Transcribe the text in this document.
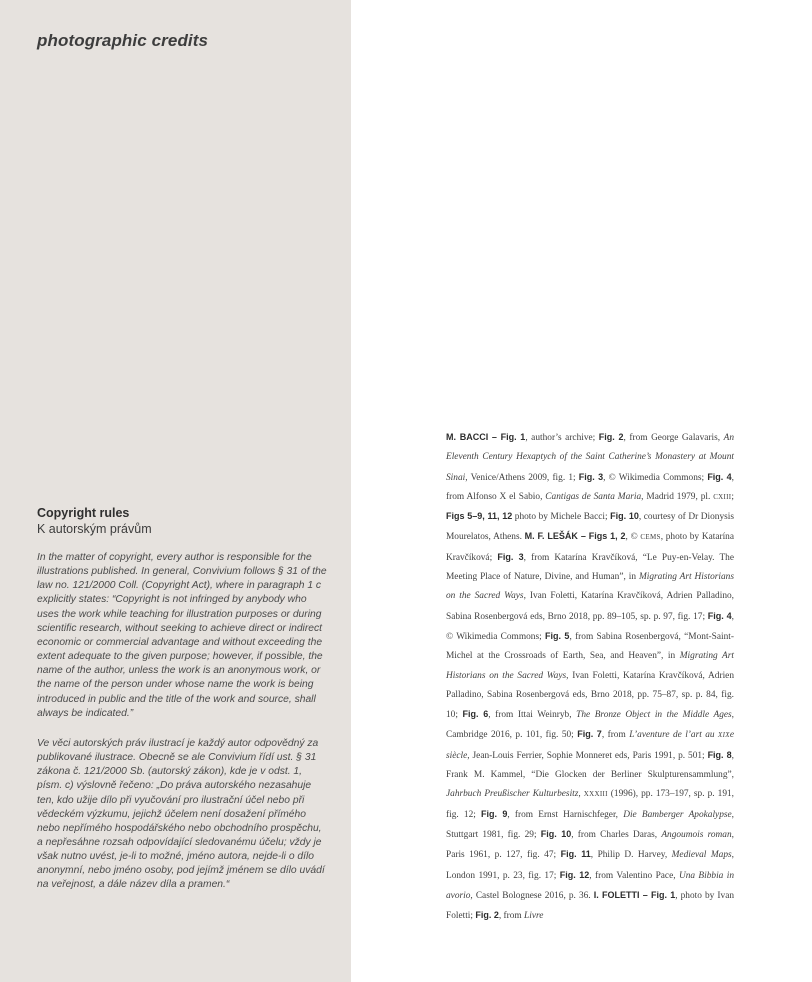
photographic credits
Copyright rules
K autorským právům

In the matter of copyright, every author is responsible for the illustrations published. In general, Convivium follows § 31 of the law no. 121/2000 Coll. (Copyright Act), where in paragraph 1 c explicitly states: “Copyright is not infringed by anybody who uses the work while teaching for illustration purposes or during scientific research, without seeking to achieve direct or indirect economic or commercial advantage and without exceeding the extent adequate to the given purpose; however, if possible, the name of the author, unless the work is an anonymous work, or the name of the person under whose name the work is being introduced in public and the title of the work and source, shall always be indicated.”

Ve věci autorských práv ilustrací je každý autor odpovědný za publikované ilustrace. Obecně se ale Convivium řídí ust. § 31 zákona č. 121/2000 Sb. (autorský zákon), kde je v odst. 1, písm. c) výslovně řečeno: „Do práva autorského nezasahuje ten, kdo užije dílo při vyučování pro ilustrační účel nebo při vědeckém výzkumu, jejichž účelem není dosažení přímého nebo nepřímého hospodářského nebo obchodního prospěchu, a nepřesáhne rozsah odpovídající sledovanému účelu; vždy je však nutno uvést, je-li to možné, jméno autora, nejde-li o dílo anonymní, nebo jméno osoby, pod jejímž jménem se dílo uvádí na veřejnost, a dále název díla a pramen.“

M. BACCI – Fig. 1, author’s archive; Fig. 2, from George Galavaris, An Eleventh Century Hexaptych of the Saint Catherine’s Monastery at Mount Sinai, Venice/Athens 2009, fig. 1; Fig. 3, © Wikimedia Commons; Fig. 4, from Alfonso X el Sabio, Cantigas de Santa Maria, Madrid 1979, pl. cxiii; Figs 5–9, 11, 12 photo by Michele Bacci; Fig. 10, courtesy of Dr Dionysis Mourelatos, Athens. M. F. LEŠÁK – Figs 1, 2, © cems, photo by Katarína Kravčíková; Fig. 3, from Katarína Kravčíková, “Le Puy-en-Velay. The Meeting Place of Nature, Divine, and Human”, in Migrating Art Historians on the Sacred Ways, Ivan Foletti, Katarína Kravčíková, Adrien Palladino, Sabina Rosenbergová eds, Brno 2018, pp. 89–105, sp. p. 97, fig. 17; Fig. 4, © Wikimedia Commons; Fig. 5, from Sabina Rosenbergová, “Mont-Saint-Michel at the Crossroads of Earth, Sea, and Heaven”, in Migrating Art Historians on the Sacred Ways, Ivan Foletti, Katarína Kravčíková, Adrien Palladino, Sabina Rosenbergová eds, Brno 2018, pp. 75–87, sp. p. 84, fig. 10; Fig. 6, from Ittai Weinryb, The Bronze Object in the Middle Ages, Cambridge 2016, p. 101, fig. 50; Fig. 7, from L’aventure de l’art au xixe siècle, Jean-Louis Ferrier, Sophie Monneret eds, Paris 1991, p. 501; Fig. 8, Frank M. Kammel, “Die Glocken der Berliner Skulpturensammlung”, Jahrbuch Preußischer Kulturbesitz, xxxiii (1996), pp. 173–197, sp. p. 191, fig. 12; Fig. 9, from Ernst Harnischfeger, Die Bamberger Apokalypse, Stuttgart 1981, fig. 29; Fig. 10, from Charles Daras, Angoumois roman, Paris 1961, p. 127, fig. 47; Fig. 11, Philip D. Harvey, Medieval Maps, London 1991, p. 23, fig. 17; Fig. 12, from Valentino Pace, Una Bibbia in avorio, Castel Bolognese 2016, p. 36. I. FOLETTI – Fig. 1, photo by Ivan Foletti; Fig. 2, from Livre
